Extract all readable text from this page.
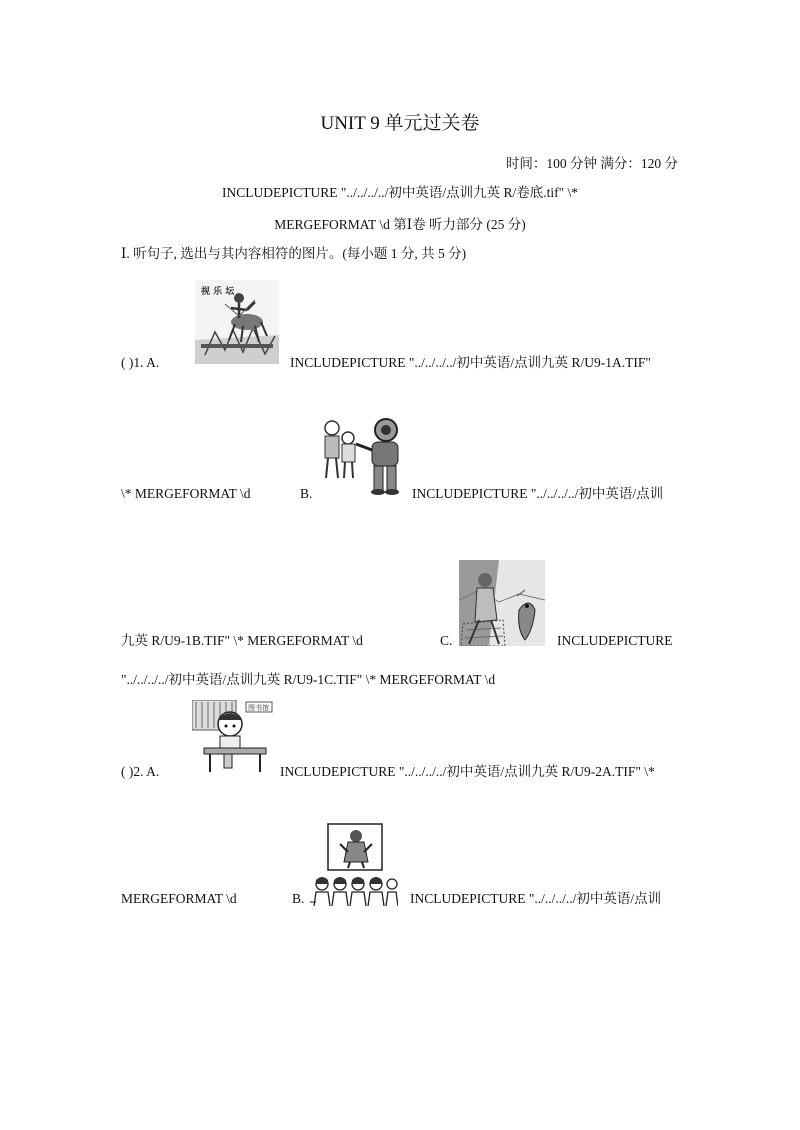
UNIT 9 单元过关卷
时间：100 分钟 满分：120 分
INCLUDEPICTURE "../../../../初中英语/点训九英 R/卷底.tif" \*
MERGEFORMAT \d 第Ⅰ卷 听力部分 (25 分)
Ⅰ. 听句子, 选出与其内容相符的图片。(每小题 1 分, 共 5 分)
( )1. A.
视 乐 坛
INCLUDEPICTURE "../../../../初中英语/点训九英 R/U9-1A.TIF"
\* MERGEFORMAT \d	B.	INCLUDEPICTURE "../../../../初中英语/点训
九英 R/U9-1B.TIF" \* MERGEFORMAT \d	C.	INCLUDEPICTURE
"../../../../初中英语/点训九英 R/U9-1C.TIF" \* MERGEFORMAT \d
( )2. A.
图书馆
INCLUDEPICTURE "../../../../初中英语/点训九英 R/U9-2A.TIF" \*
MERGEFORMAT \d	B.	INCLUDEPICTURE "../../../../初中英语/点训
